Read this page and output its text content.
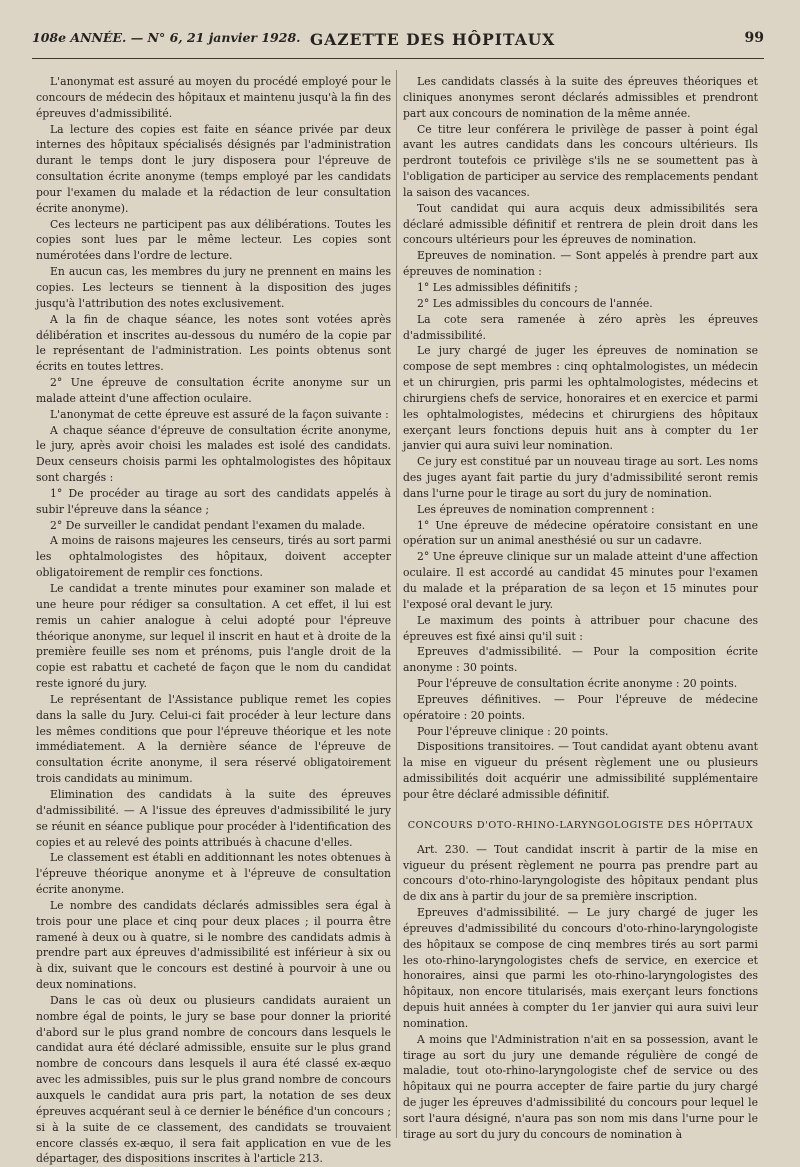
108e ANNÉE. — N° 6, 21 janvier 1928. GAZETTE DES HÔPITAUX	99

L'anonymat est assuré au moyen du procédé employé pour le concours de médecin des hôpitaux et maintenu jusqu'à la fin des épreuves d'admissibilité.

La lecture des copies est faite en séance privée par deux internes des hôpitaux spécialisés désignés par l'administration durant le temps dont le jury disposera pour l'épreuve de consultation écrite anonyme (temps employé par les candidats pour l'examen du malade et la rédaction de leur consultation écrite anonyme).

Ces lecteurs ne participent pas aux délibérations. Toutes les copies sont lues par le même lecteur. Les copies sont numérotées dans l'ordre de lecture.

En aucun cas, les membres du jury ne prennent en mains les copies. Les lecteurs se tiennent à la disposition des juges jusqu'à l'attribution des notes exclusivement.

A la fin de chaque séance, les notes sont votées après délibération et inscrites au-dessous du numéro de la copie par le représentant de l'administration. Les points obtenus sont écrits en toutes lettres.

2° Une épreuve de consultation écrite anonyme sur un malade atteint d'une affection oculaire.

L'anonymat de cette épreuve est assuré de la façon suivante :

A chaque séance d'épreuve de consultation écrite anonyme, le jury, après avoir choisi les malades est isolé des candidats. Deux censeurs choisis parmi les ophtalmologistes des hôpitaux sont chargés :

1° De procéder au tirage au sort des candidats appelés à subir l'épreuve dans la séance ;

2° De surveiller le candidat pendant l'examen du malade.

A moins de raisons majeures les censeurs, tirés au sort parmi les ophtalmologistes des hôpitaux, doivent accepter obligatoirement de remplir ces fonctions.

Le candidat a trente minutes pour examiner son malade et une heure pour rédiger sa consultation. A cet effet, il lui est remis un cahier analogue à celui adopté pour l'épreuve théorique anonyme, sur lequel il inscrit en haut et à droite de la première feuille ses nom et prénoms, puis l'angle droit de la copie est rabattu et cacheté de façon que le nom du candidat reste ignoré du jury.

Le représentant de l'Assistance publique remet les copies dans la salle du Jury. Celui-ci fait procéder à leur lecture dans les mêmes conditions que pour l'épreuve théorique et les note immédiatement. A la dernière séance de l'épreuve de consultation écrite anonyme, il sera réservé obligatoirement trois candidats au minimum.

Elimination des candidats à la suite des épreuves d'admissibilité. — A l'issue des épreuves d'admissibilité le jury se réunit en séance publique pour procéder à l'identification des copies et au relevé des points attribués à chacune d'elles.

Le classement est établi en additionnant les notes obtenues à l'épreuve théorique anonyme et à l'épreuve de consultation écrite anonyme.

Le nombre des candidats déclarés admissibles sera égal à trois pour une place et cinq pour deux places ; il pourra être ramené à deux ou à quatre, si le nombre des candidats admis à prendre part aux épreuves d'admissibilité est inférieur à six ou à dix, suivant que le concours est destiné à pourvoir à une ou deux nominations.

Dans le cas où deux ou plusieurs candidats auraient un nombre égal de points, le jury se base pour donner la priorité d'abord sur le plus grand nombre de concours dans lesquels le candidat aura été déclaré admissible, ensuite sur le plus grand nombre de concours dans lesquels il aura été classé ex-æquo avec les admissibles, puis sur le plus grand nombre de concours auxquels le candidat aura pris part, la notation de ses deux épreuves acquérant seul à ce dernier le bénéfice d'un concours ; si à la suite de ce classement, des candidats se trouvaient encore classés ex-æquo, il sera fait application en vue de les départager, des dispositions inscrites à l'article 213.

Les candidats classés à la suite des épreuves théoriques et cliniques anonymes seront déclarés admissibles et prendront part aux concours de nomination de la même année.

Ce titre leur conférera le privilège de passer à point égal avant les autres candidats dans les concours ultérieurs. Ils perdront toutefois ce privilège s'ils ne se soumettent pas à l'obligation de participer au service des remplacements pendant la saison des vacances.

Tout candidat qui aura acquis deux admissibilités sera déclaré admissible définitif et rentrera de plein droit dans les concours ultérieurs pour les épreuves de nomination.

Epreuves de nomination. — Sont appelés à prendre part aux épreuves de nomination :

1° Les admissibles définitifs ;

2° Les admissibles du concours de l'année.

La cote sera ramenée à zéro après les épreuves d'admissibilité.

Le jury chargé de juger les épreuves de nomination se compose de sept membres : cinq ophtalmologistes, un médecin et un chirurgien, pris parmi les ophtalmologistes, médecins et chirurgiens chefs de service, honoraires et en exercice et parmi les ophtalmologistes, médecins et chirurgiens des hôpitaux exerçant leurs fonctions depuis huit ans à compter du 1er janvier qui aura suivi leur nomination.

Ce jury est constitué par un nouveau tirage au sort. Les noms des juges ayant fait partie du jury d'admissibilité seront remis dans l'urne pour le tirage au sort du jury de nomination.

Les épreuves de nomination comprennent :

1° Une épreuve de médecine opératoire consistant en une opération sur un animal anesthésié ou sur un cadavre.

2° Une épreuve clinique sur un malade atteint d'une affection oculaire. Il est accordé au candidat 45 minutes pour l'examen du malade et la préparation de sa leçon et 15 minutes pour l'exposé oral devant le jury.

Le maximum des points à attribuer pour chacune des épreuves est fixé ainsi qu'il suit :

Epreuves d'admissibilité. — Pour la composition écrite anonyme : 30 points.

Pour l'épreuve de consultation écrite anonyme : 20 points.

Epreuves définitives. — Pour l'épreuve de médecine opératoire : 20 points.

Pour l'épreuve clinique : 20 points.

Dispositions transitoires. — Tout candidat ayant obtenu avant la mise en vigueur du présent règlement une ou plusieurs admissibilités doit acquérir une admissibilité supplémentaire pour être déclaré admissible définitif.

CONCOURS D'OTO-RHINO-LARYNGOLOGISTE DES HÔPITAUX

Art. 230. — Tout candidat inscrit à partir de la mise en vigueur du présent règlement ne pourra pas prendre part au concours d'oto-rhino-laryngologiste des hôpitaux pendant plus de dix ans à partir du jour de sa première inscription.

Epreuves d'admissibilité. — Le jury chargé de juger les épreuves d'admissibilité du concours d'oto-rhino-laryngologiste des hôpitaux se compose de cinq membres tirés au sort parmi les oto-rhino-laryngologistes chefs de service, en exercice et honoraires, ainsi que parmi les oto-rhino-laryngologistes des hôpitaux, non encore titularisés, mais exerçant leurs fonctions depuis huit années à compter du 1er janvier qui aura suivi leur nomination.

A moins que l'Administration n'ait en sa possession, avant le tirage au sort du jury une demande régulière de congé de maladie, tout oto-rhino-laryngologiste chef de service ou des hôpitaux qui ne pourra accepter de faire partie du jury chargé de juger les épreuves d'admissibilité du concours pour lequel le sort l'aura désigné, n'aura pas son nom mis dans l'urne pour le tirage au sort du jury du concours de nomination à
